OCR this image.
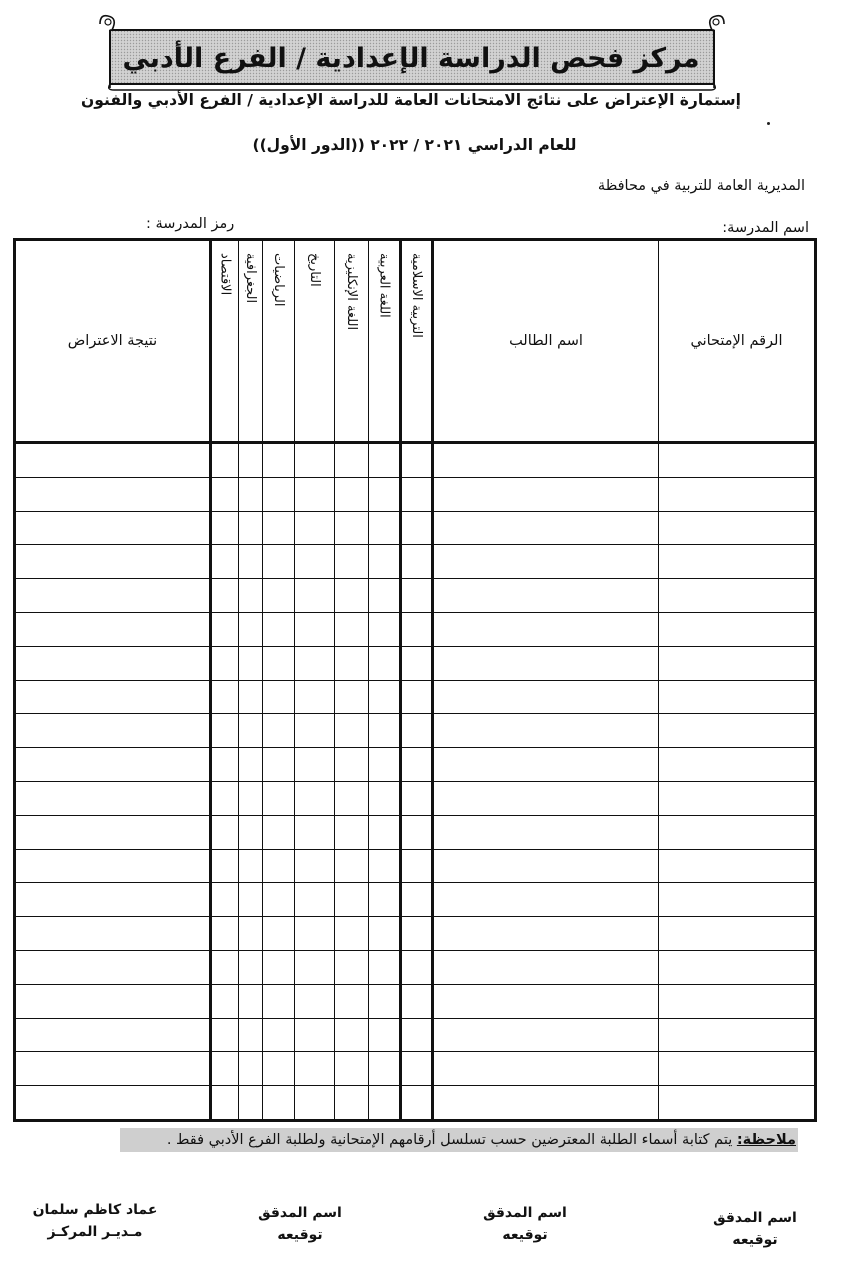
مركز فحص الدراسة الإعدادية / الفرع الأدبي
إستمارة الإعتراض على نتائج الامتحانات العامة للدراسة الإعدادية / الفرع الأدبي والفنون
للعام الدراسي ٢٠٢١ / ٢٠٢٢ ((الدور الأول))
المديرية العامة للتربية في محافظة
اسم المدرسة:
رمز المدرسة :
نتيجة الاعتراض	الاقتصاد	الجغرافية	الرياضيات	التاريخ	اللغة الإنكليزية	اللغة العربية	التربية الاسلامية	اسم الطالب	الرقم الإمتحاني

ملاحظة: يتم كتابة أسماء الطلبة المعترضين حسب تسلسل أرقامهم الإمتحانية ولطلبة الفرع الأدبي فقط .
اسم المدقق
توقيعه
اسم المدقق
توقيعه
اسم المدقق
توقيعه
عماد كاظم سلمان
مـديـر المركـز
